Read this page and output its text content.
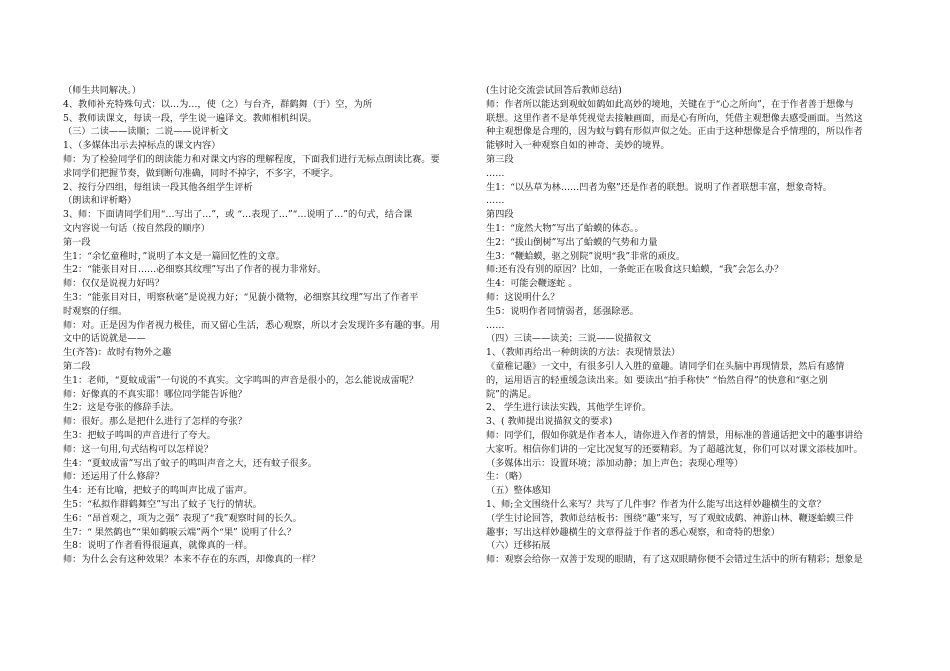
（师生共同解决。）
4、教师补充特殊句式：以…为…，使（之）与台齐，群鹤舞（于）空，为所
5、教师读课文，每读一段，学生说一遍译文。教师相机纠误。
（三）二读——读顺；二说——说评析文
1、（多媒体出示去掉标点的课文内容）
师：为了检验同学们的朗读能力和对课文内容的理解程度，下面我们进行无标点朗读比赛。要
求同学们把握节奏，做到断句准确，同时不掉字，不多字，不哽字。
2、按行分四组，每组读一段其他各组学生评析
（朗读和评析略）
3、师：下面请同学们用“…写出了…”，或 “…表现了…”“…说明了…”的句式，结合课
文内容说一句话（按自然段的顺序）
第一段
生1：“余忆童稚时，”说明了本文是一篇回忆性的文章。
生2：“能张目对日……必细察其纹理”写出了作者的视力非常好。
师：仅仅是说视力好吗？
生3：“能张目对日，明察秋毫”是说视力好；“见藐小微物，必细察其纹理”写出了作者平
时观察的仔细。
师：对。正是因为作者视力极佳，而又留心生活，悉心观察，所以才会发现许多有趣的事。用
文中的话说就是——
生(齐答)：故时有物外之趣
第二段
生1：老师，“夏蚊成雷”一句说的不真实。文字鸣叫的声音是很小的，怎么能说成雷呢？
师：好像真的不真实耶！哪位同学能告诉他？
生2：这是夸张的修辞手法。
师：很好。那么是把什么进行了怎样的夸张？
生3：把蚊子鸣叫的声音进行了夸大。
师：这一句用,句式结构可以怎样说？
生4：“夏蚊成雷”写出了蚊子的鸣叫声音之大，还有蚊子很多。
师：还运用了什么修辞？
生4：还有比喻，把蚊子的鸣叫声比成了雷声。
生5：“私拟作群鹤舞空”写出了蚊子飞行的情状。
生6：“昂首观之，项为之强” 表现了“我”观察时间的长久。
生7：“ 果然鹤也”“果如鹤唳云端”两个“果” 说明了什么？
生8：说明了作者看得很逼真，就像真的一样。
师：为什么会有这种效果？本来不存在的东西，却像真的一样？
(生讨论交流尝试回答后教师总结)
师：作者所以能达到观蚊如鹤如此高妙的境地，关键在于“心之所向”，在于作者善于想像与
联想。这里作者不是单凭视觉去接触画面，而是心有所向，凭借主观想像去感受画面。当然这
种主观想像是合理的，因为蚊与鹤有形似声似之处。正由于这种想像是合乎情理的，所以作者
能够时入一种观察自如的神奇、美妙的境界。
第三段
……
生1：“以丛草为林……凹者为壑”还是作者的联想。说明了作者联想丰富，想象奇特。
……
第四段
生1：“庞然大物”写出了蛤蟆的体态。。
生2：“拔山倒树”写出了蛤蟆的气势和力量
生3：“鞭蛤蟆，驱之别院”说明“我”非常的顽皮。
师:还有没有别的原因？比如，一条蛇正在吸食这只蛤蟆，“我”会怎么办？
生4：可能会鞭逐蛇 。
师：这说明什么？
生5：说明作者同情弱者，惩强除恶。
……
（四）三读——读美；三说——说描叙文
1、（教师再给出一种朗读的方法：表现情景法）
《童稚记趣》一文中，有很多引人入胜的童趣。请同学们在头脑中再现情景，然后有感情
的，运用语言的轻重缓急读出来。如 要读出“拍手称快” “怡然自得”的快意和“驱之别
院”的满足。
2、 学生进行读法实践，其他学生评价。
3、( 教师提出说描叙文的要求)
师：同学们，假如你就是作者本人，请你进入作者的情景，用标准的普通话把文中的趣事讲给
大家听。相信你们讲的一定比况复写的还要精彩。为了超越沈复，你们可以对课文添枝加叶。
（多媒体出示：设置环境；添加动静；加上声色；表现心理等）
生：（略）
（五）整体感知
1、师;全文围绕什么来写？共写了几件事？作者为什么能写出这样妙趣横生的文章？
（学生讨论回答，教师总结板书：围绕“趣”来写，写了观蚊成鹤、神游山林、鞭逐蛤蟆三件
趣事；写出这样妙趣横生的文章得益于作者的悉心观察，和奇特的想象）
（六）迁移拓展
师：观察会给你一双善于发现的眼睛，有了这双眼睛你便不会错过生活中的所有精彩；想象是
